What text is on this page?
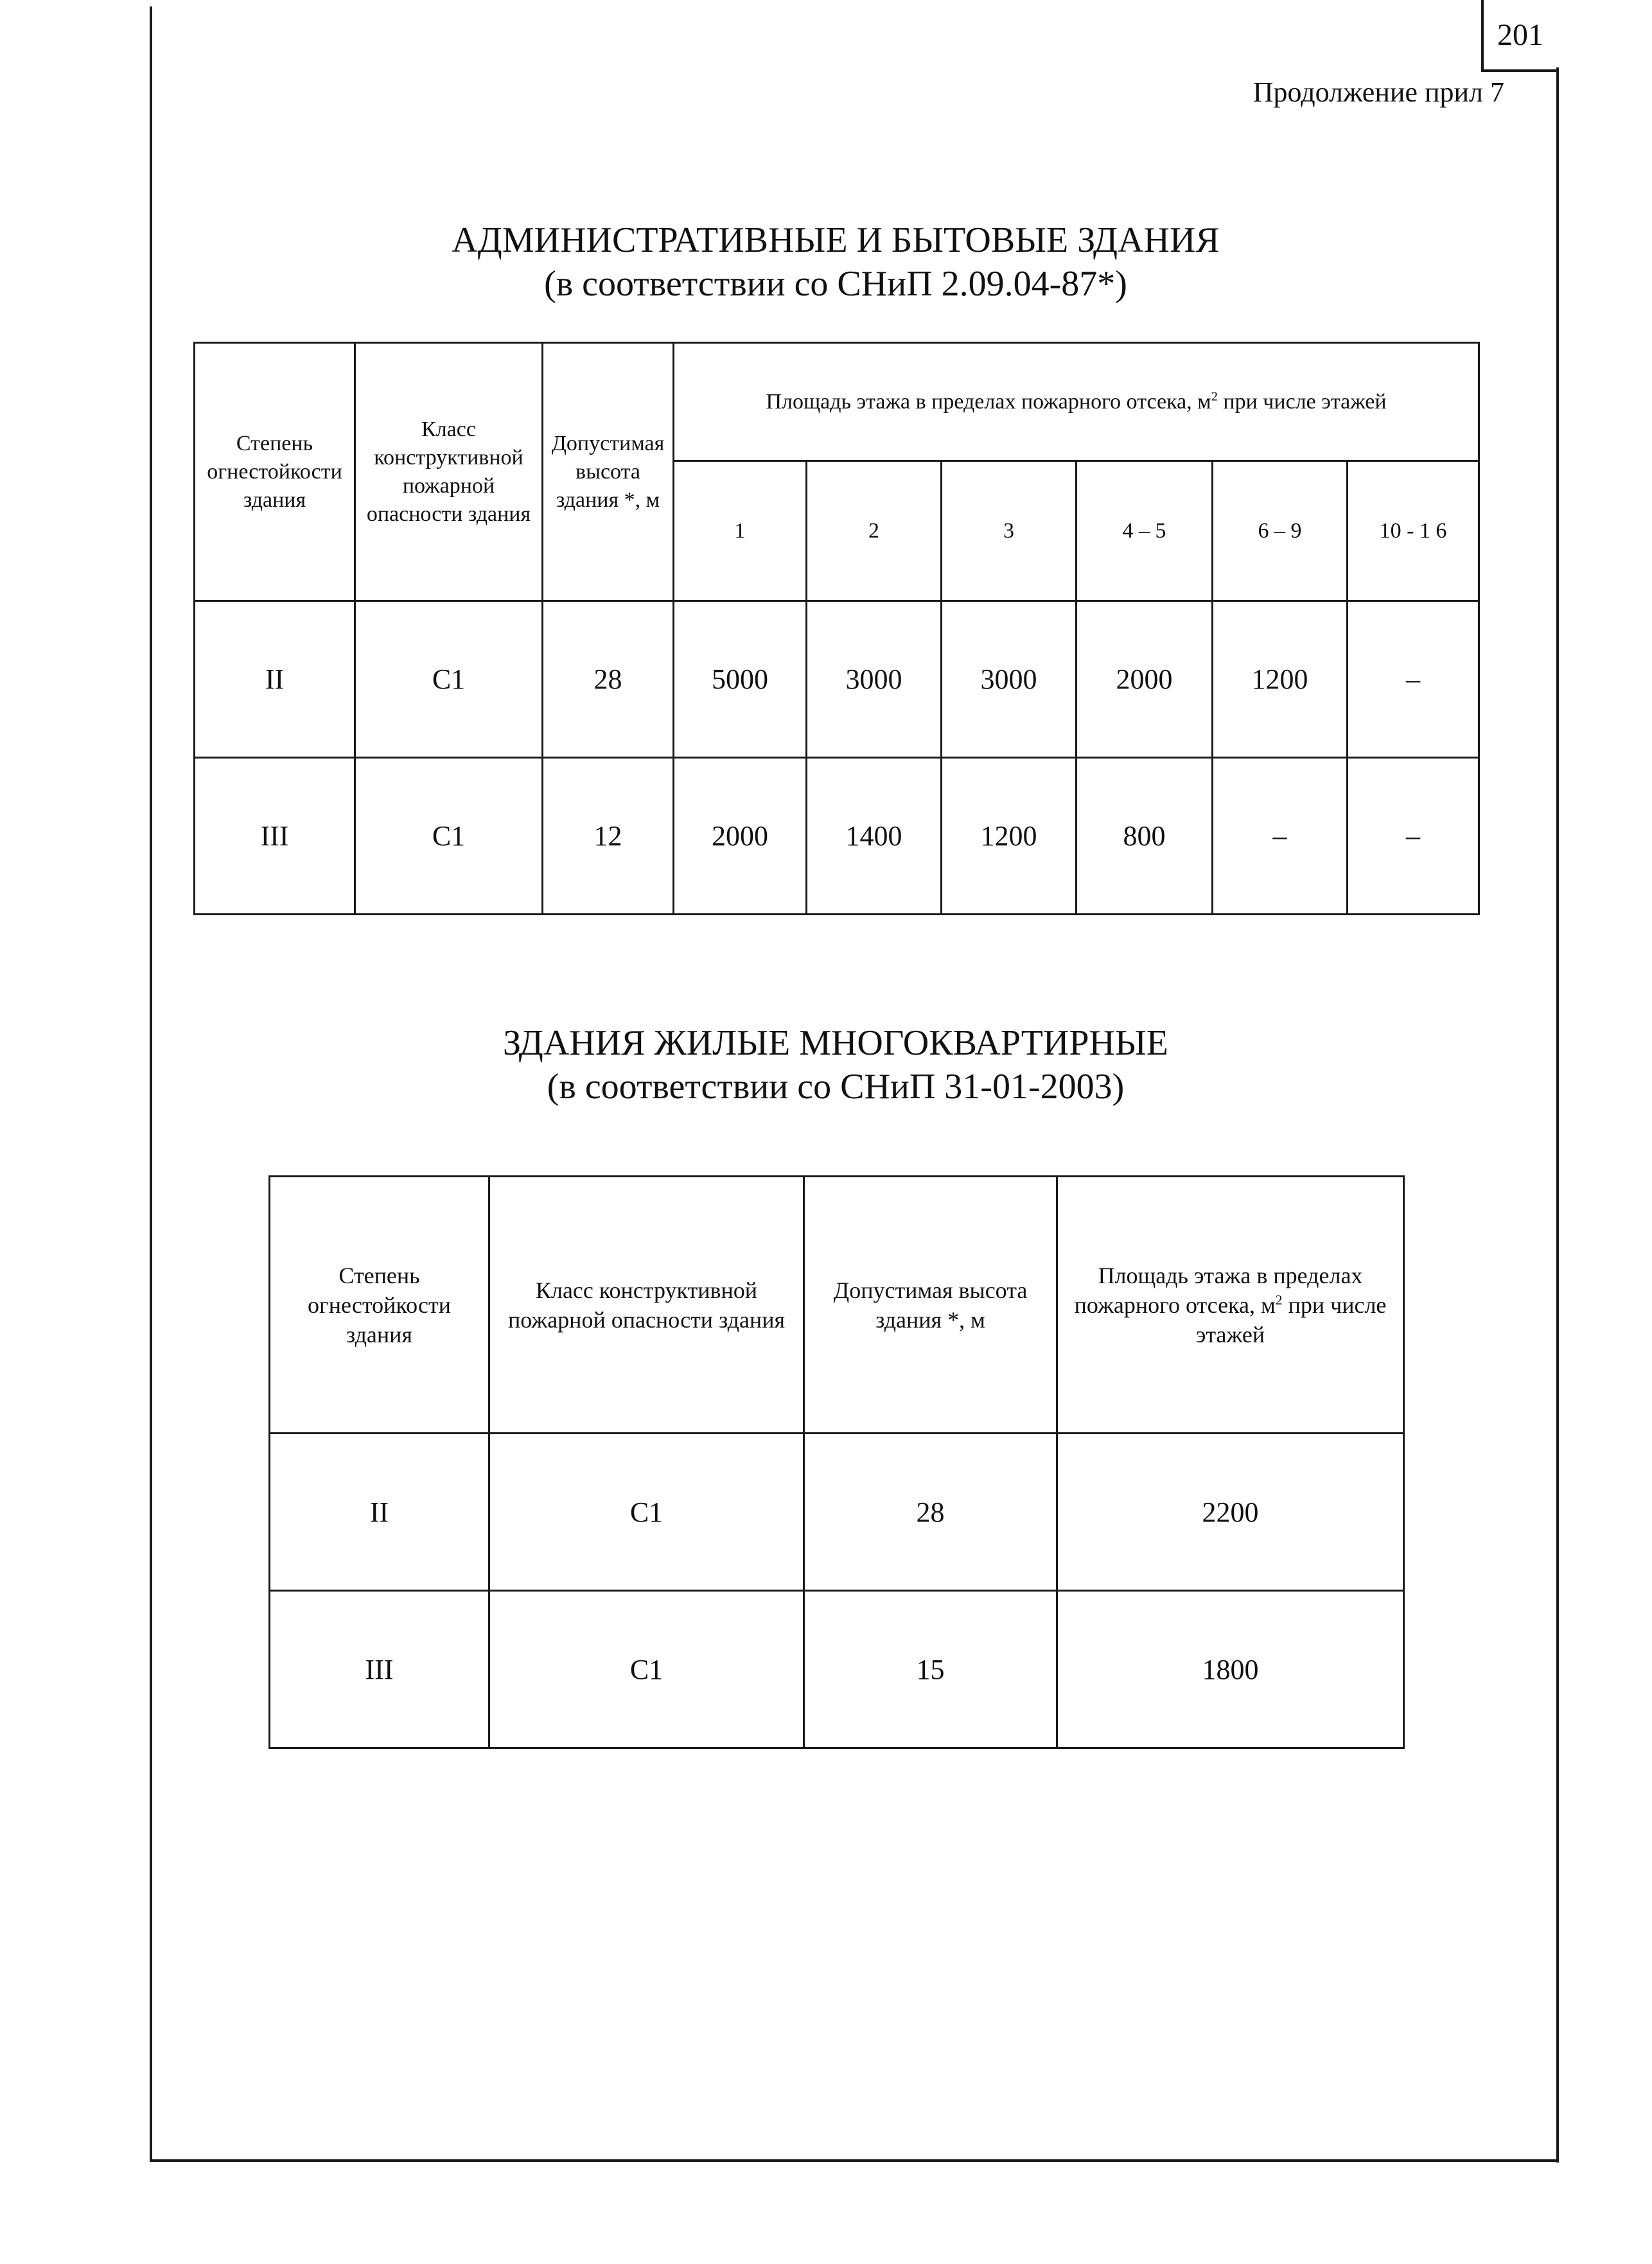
201
Продолжение прил 7
АДМИНИСТРАТИВНЫЕ И БЫТОВЫЕ ЗДАНИЯ
(в соответствии со СНиП 2.09.04-87*)
Степень огнестойкости здания	Класс конструктивной пожарной опасности здания	Допустимая высота здания *, м	Площадь этажа в пределах пожарного отсека, $м^2$ при числе этажей					
			1	2	3	4 – 5	6 – 9	10 - 1 6
II	C1	28	5000	3000	3000	2000	1200	–
III	C1	12	2000	1400	1200	800	–	–
ЗДАНИЯ ЖИЛЫЕ МНОГОКВАРТИРНЫЕ
(в соответствии со СНиП 31-01-2003)
Степень огнестойкости здания	Класс конструктивной пожарной опасности здания	Допустимая высота здания *, м	Площадь этажа в пределах пожарного отсека, $м^2$ при числе этажей
II	C1	28	2200
III	C1	15	1800
